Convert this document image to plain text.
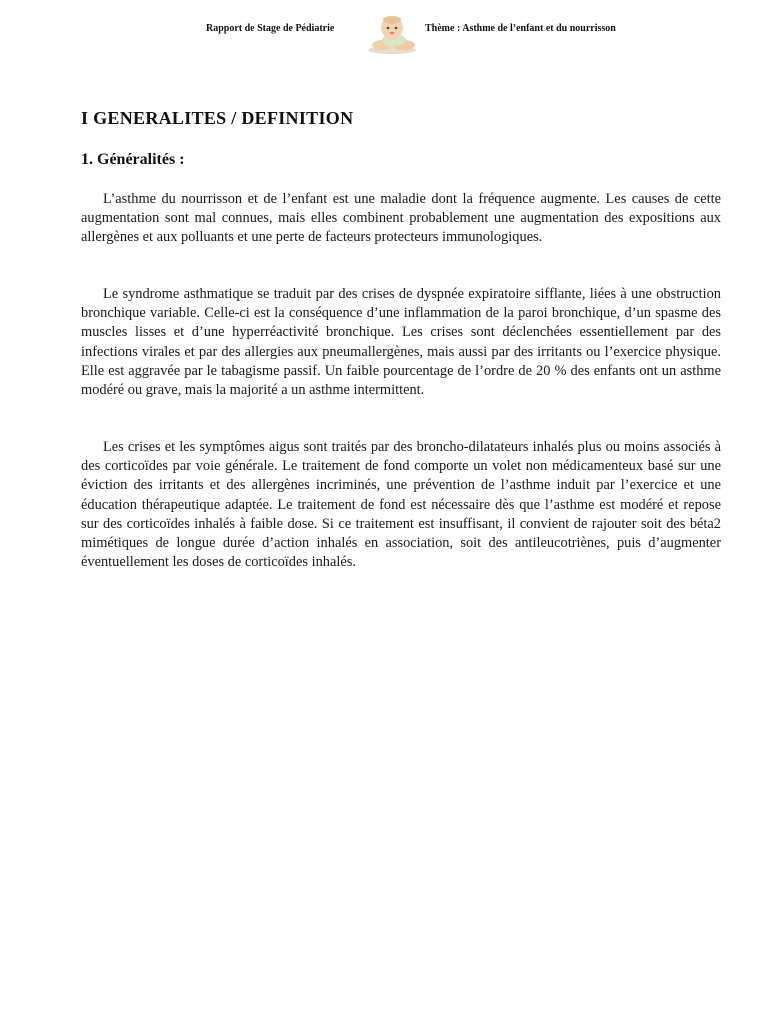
Rapport de Stage de Pédiatrie	Thème : Asthme de l’enfant et du nourrisson
I GENERALITES / DEFINITION
1. Généralités :

L’asthme du nourrisson et de l’enfant est une maladie dont la fréquence augmente. Les causes de cette augmentation sont mal connues, mais elles combinent probablement une augmentation des expositions aux allergènes et aux polluants et une perte de facteurs protecteurs immunologiques.

Le syndrome asthmatique se traduit par des crises de dyspnée expiratoire sifflante, liées à une obstruction bronchique variable. Celle-ci est la conséquence d’une inflammation de la paroi bronchique, d’un spasme des muscles lisses et d’une hyperréactivité bronchique. Les crises sont déclenchées essentiellement par des infections virales et par des allergies aux pneumallergènes, mais aussi par des irritants ou l’exercice physique. Elle est aggravée par le tabagisme passif. Un faible pourcentage de l’ordre de 20 % des enfants ont un asthme modéré ou grave, mais la majorité a un asthme intermittent.

Les crises et les symptômes aigus sont traités par des broncho-dilatateurs inhalés plus ou moins associés à des corticoïdes par voie générale. Le traitement de fond comporte un volet non médicamenteux basé sur une éviction des irritants et des allergènes incriminés, une prévention de l’asthme induit par l’exercice et une éducation thérapeutique adaptée. Le traitement de fond est nécessaire dès que l’asthme est modéré et repose sur des corticoïdes inhalés à faible dose. Si ce traitement est insuffisant, il convient de rajouter soit des béta2 mimétiques de longue durée d’action inhalés en association, soit des antileucotriènes, puis d’augmenter éventuellement les doses de corticoïdes inhalés.
